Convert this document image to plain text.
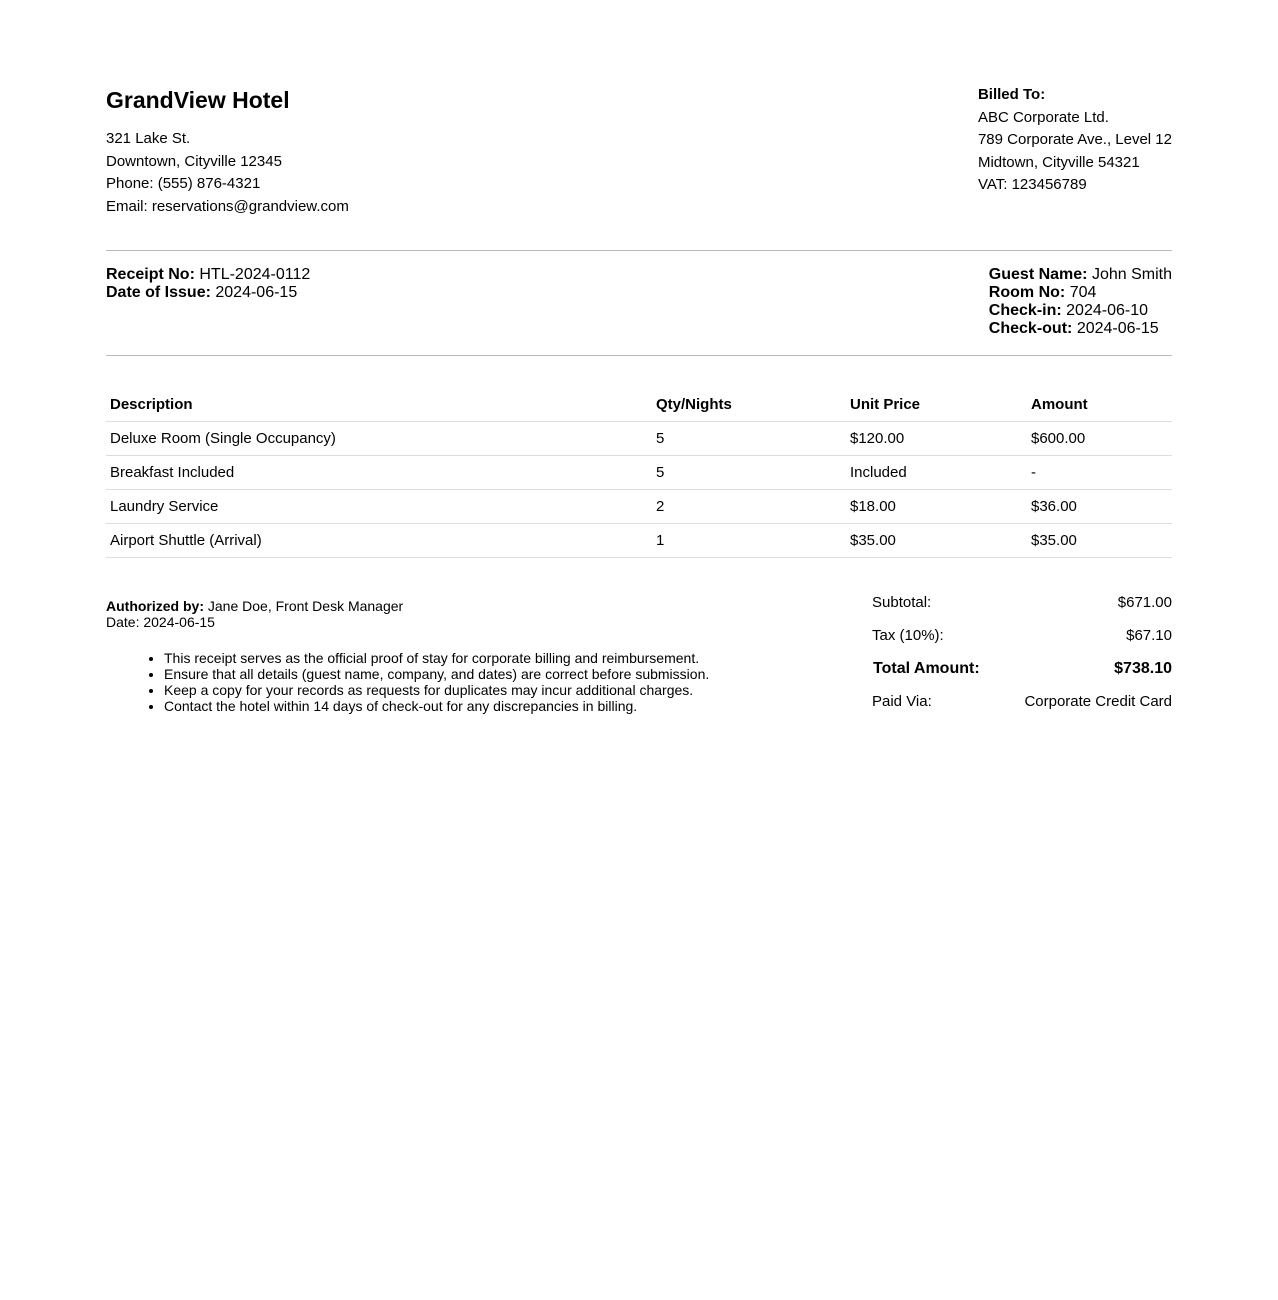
GrandView Hotel
321 Lake St.
Downtown, Cityville 12345
Phone: (555) 876-4321
Email: reservations@grandview.com
Billed To:
ABC Corporate Ltd.
789 Corporate Ave., Level 12
Midtown, Cityville 54321
VAT: 123456789
Receipt No: HTL-2024-0112
Date of Issue: 2024-06-15
Guest Name: John Smith
Room No: 704
Check-in: 2024-06-10
Check-out: 2024-06-15
Description	Qty/Nights	Unit Price	Amount
Deluxe Room (Single Occupancy)	5	$120.00	$600.00
Breakfast Included	5	Included	-
Laundry Service	2	$18.00	$36.00
Airport Shuttle (Arrival)	1	$35.00	$35.00
Authorized by: Jane Doe, Front Desk Manager
Date: 2024-06-15
• This receipt serves as the official proof of stay for corporate billing and reimbursement.
• Ensure that all details (guest name, company, and dates) are correct before submission.
• Keep a copy for your records as requests for duplicates may incur additional charges.
• Contact the hotel within 14 days of check-out for any discrepancies in billing.
Subtotal:	$671.00
Tax (10%):	$67.10
Total Amount:	$738.10
Paid Via:	Corporate Credit Card
